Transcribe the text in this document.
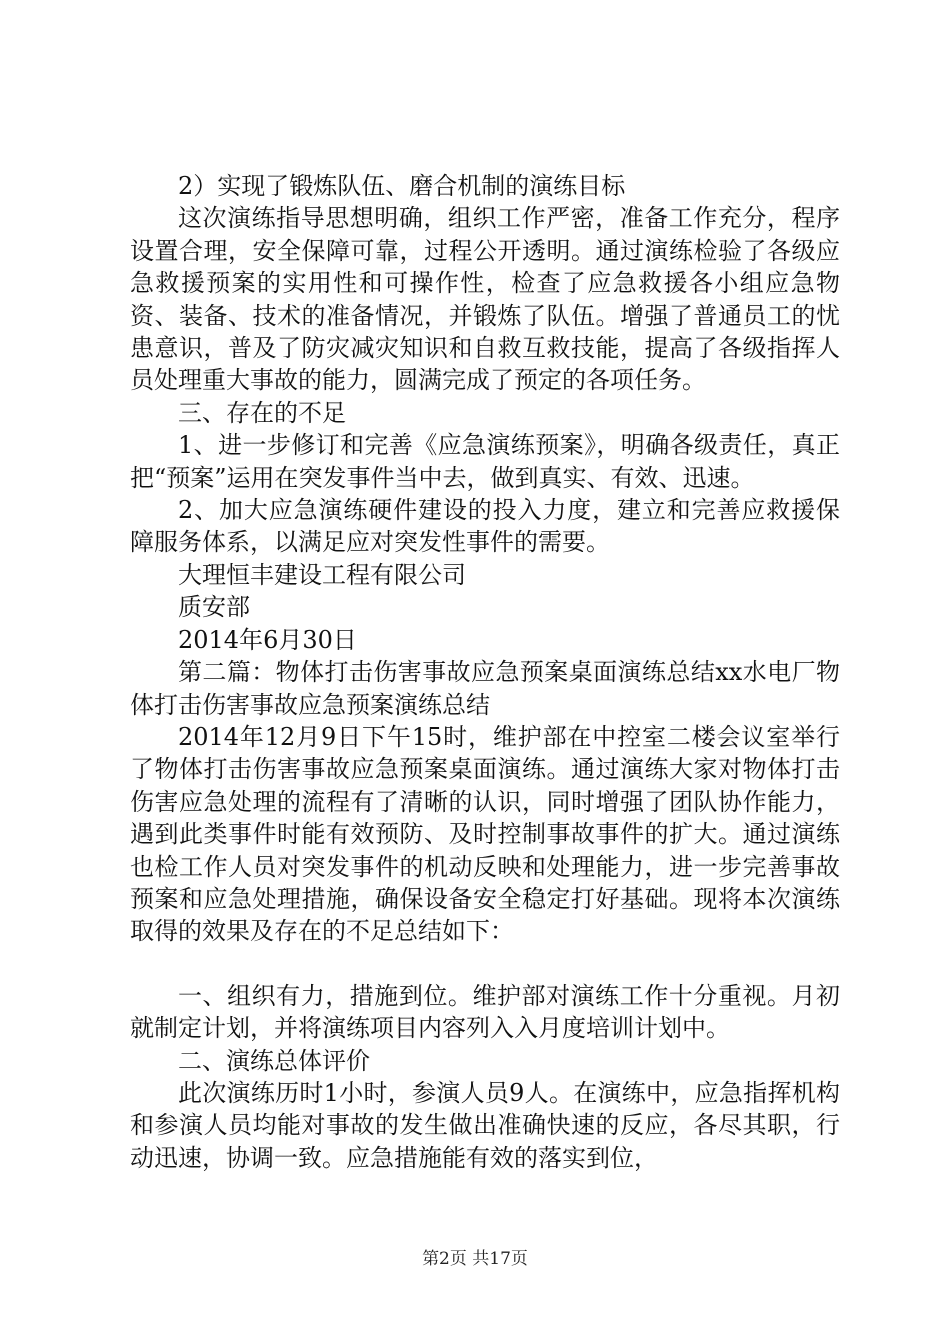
2）实现了锻炼队伍、磨合机制的演练目标

这次演练指导思想明确，组织工作严密，准备工作充分，程序设置合理，安全保障可靠，过程公开透明。通过演练检验了各级应急救援预案的实用性和可操作性，检查了应急救援各小组应急物资、装备、技术的准备情况，并锻炼了队伍。增强了普通员工的忧患意识，普及了防灾减灾知识和自救互救技能，提高了各级指挥人员处理重大事故的能力，圆满完成了预定的各项任务。

三、存在的不足

1、进一步修订和完善《应急演练预案》，明确各级责任，真正把“预案”运用在突发事件当中去，做到真实、有效、迅速。

2、加大应急演练硬件建设的投入力度，建立和完善应救援保障服务体系，以满足应对突发性事件的需要。

大理恒丰建设工程有限公司

质安部

2014年6月30日

第二篇：物体打击伤害事故应急预案桌面演练总结xx水电厂物体打击伤害事故应急预案演练总结

2014年12月9日下午15时，维护部在中控室二楼会议室举行了物体打击伤害事故应急预案桌面演练。通过演练大家对物体打击伤害应急处理的流程有了清晰的认识，同时增强了团队协作能力，遇到此类事件时能有效预防、及时控制事故事件的扩大。通过演练也检工作人员对突发事件的机动反映和处理能力，进一步完善事故预案和应急处理措施，确保设备安全稳定打好基础。现将本次演练取得的效果及存在的不足总结如下：

一、组织有力，措施到位。维护部对演练工作十分重视。月初就制定计划，并将演练项目内容列入入月度培训计划中。

二、演练总体评价

此次演练历时1小时，参演人员9人。在演练中，应急指挥机构和参演人员均能对事故的发生做出准确快速的反应，各尽其职，行动迅速，协调一致。应急措施能有效的落实到位，

第2页 共17页
